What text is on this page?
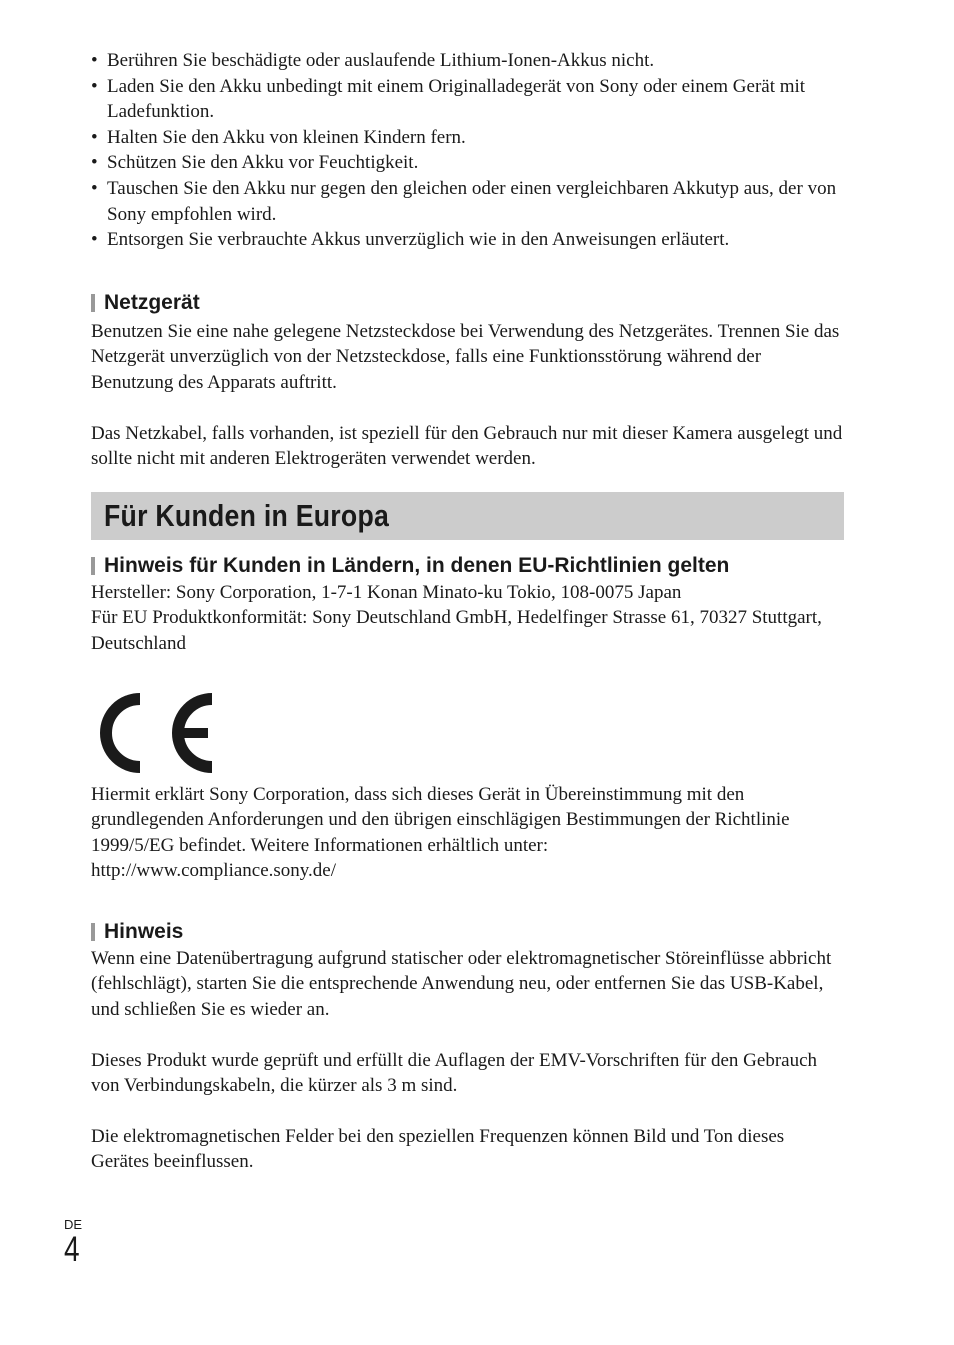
• Berühren Sie beschädigte oder auslaufende Lithium-Ionen-Akkus nicht.
• Laden Sie den Akku unbedingt mit einem Originalladegerät von Sony oder einem Gerät mit Ladefunktion.
• Halten Sie den Akku von kleinen Kindern fern.
• Schützen Sie den Akku vor Feuchtigkeit.
• Tauschen Sie den Akku nur gegen den gleichen oder einen vergleichbaren Akkutyp aus, der von Sony empfohlen wird.
• Entsorgen Sie verbrauchte Akkus unverzüglich wie in den Anweisungen erläutert.
Netzgerät

Benutzen Sie eine nahe gelegene Netzsteckdose bei Verwendung des Netzgerätes. Trennen Sie das Netzgerät unverzüglich von der Netzsteckdose, falls eine Funktionsstörung während der Benutzung des Apparats auftritt.

Das Netzkabel, falls vorhanden, ist speziell für den Gebrauch nur mit dieser Kamera ausgelegt und sollte nicht mit anderen Elektrogeräten verwendet werden.

Für Kunden in Europa
Hinweis für Kunden in Ländern, in denen EU-Richtlinien gelten

Hersteller: Sony Corporation, 1-7-1 Konan Minato-ku Tokio, 108-0075 Japan

Für EU Produktkonformität: Sony Deutschland GmbH, Hedelfinger Strasse 61, 70327 Stuttgart, Deutschland

Hiermit erklärt Sony Corporation, dass sich dieses Gerät in Übereinstimmung mit den grundlegenden Anforderungen und den übrigen einschlägigen Bestimmungen der Richtlinie 1999/5/EG befindet. Weitere Informationen erhältlich unter:

http://www.compliance.sony.de/

Hinweis

Wenn eine Datenübertragung aufgrund statischer oder elektromagnetischer Störeinflüsse abbricht (fehlschlägt), starten Sie die entsprechende Anwendung neu, oder entfernen Sie das USB-Kabel, und schließen Sie es wieder an.

Dieses Produkt wurde geprüft und erfüllt die Auflagen der EMV-Vorschriften für den Gebrauch von Verbindungskabeln, die kürzer als 3 m sind.

Die elektromagnetischen Felder bei den speziellen Frequenzen können Bild und Ton dieses Gerätes beeinflussen.

DE
4
